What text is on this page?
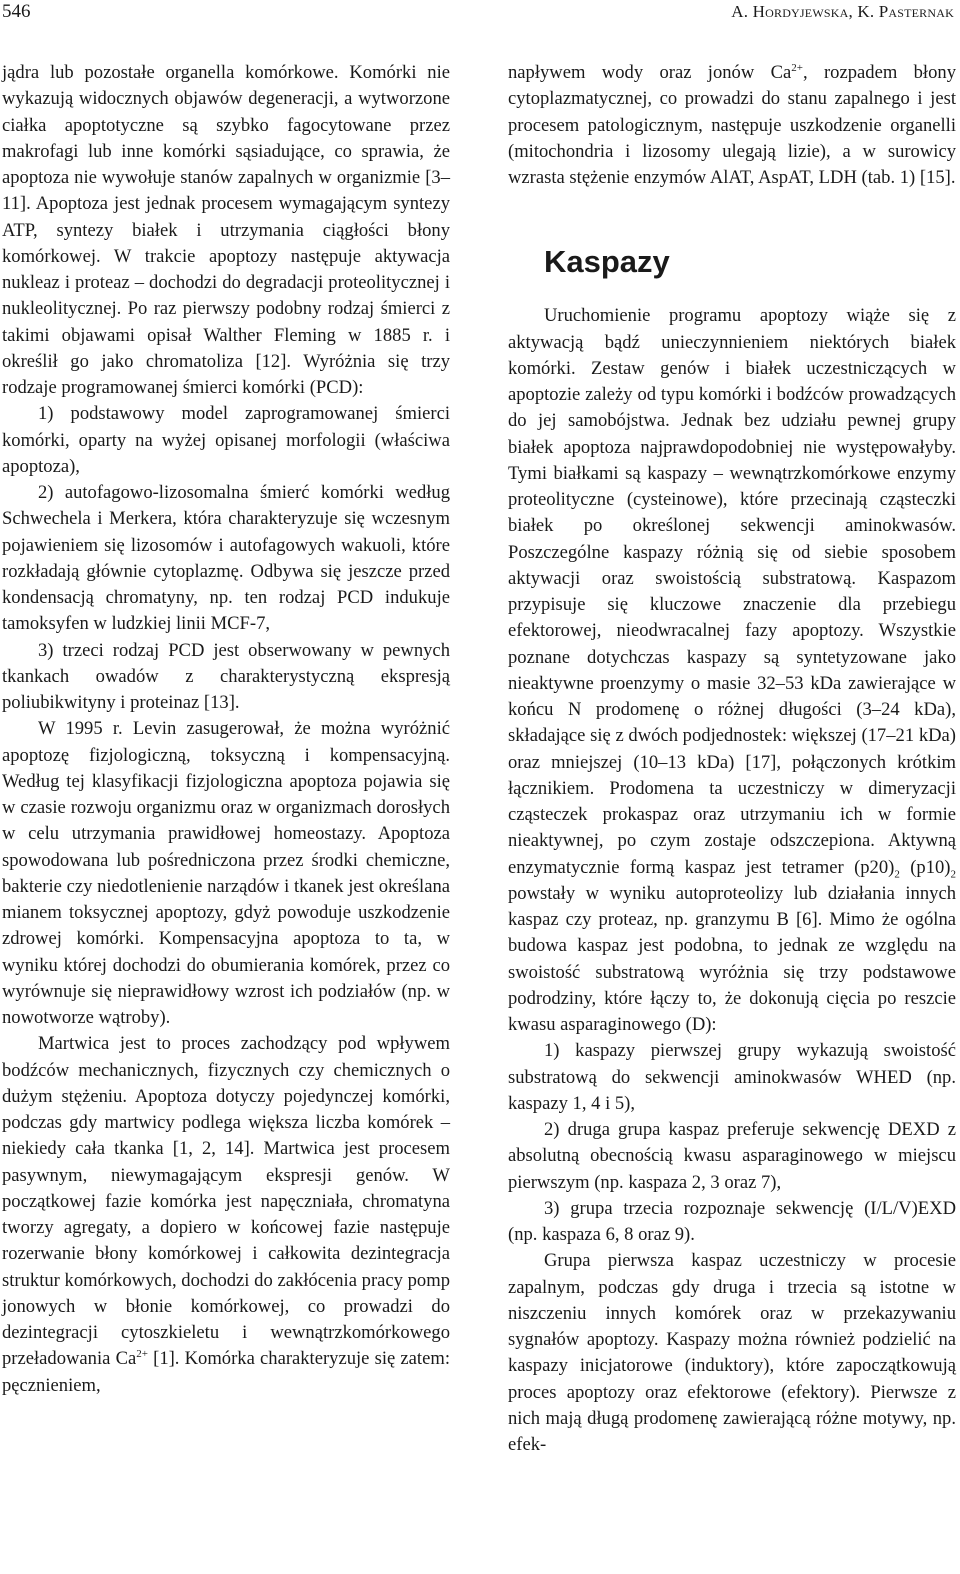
546	A. Hordyjewska, K. Pasternak

jądra lub pozostałe organella komórkowe. Komórki nie wykazują widocznych objawów degeneracji, a wytworzone ciałka apoptotyczne są szybko fagocytowane przez makrofagi lub inne komórki sąsiadujące, co sprawia, że apoptoza nie wywołuje stanów zapalnych w organizmie [3–11]. Apoptoza jest jednak procesem wymagającym syntezy ATP, syntezy białek i utrzymania ciągłości błony komórkowej. W trakcie apoptozy następuje aktywacja nukleaz i proteaz – dochodzi do degradacji proteolitycznej i nukleolitycznej. Po raz pierwszy podobny rodzaj śmierci z takimi objawami opisał Walther Fleming w 1885 r. i określił go jako chromatoliza [12]. Wyróżnia się trzy rodzaje programowanej śmierci komórki (PCD):

1) podstawowy model zaprogramowanej śmierci komórki, oparty na wyżej opisanej morfologii (właściwa apoptoza),

2) autofagowo-lizosomalna śmierć komórki według Schwechela i Merkera, która charakteryzuje się wczesnym pojawieniem się lizosomów i autofagowych wakuoli, które rozkładają głównie cytoplazmę. Odbywa się jeszcze przed kondensacją chromatyny, np. ten rodzaj PCD indukuje tamoksyfen w ludzkiej linii MCF-7,

3) trzeci rodzaj PCD jest obserwowany w pewnych tkankach owadów z charakterystyczną ekspresją poliubikwityny i proteinaz [13].

W 1995 r. Levin zasugerował, że można wyróżnić apoptozę fizjologiczną, toksyczną i kompensacyjną. Według tej klasyfikacji fizjologiczna apoptoza pojawia się w czasie rozwoju organizmu oraz w organizmach dorosłych w celu utrzymania prawidłowej homeostazy. Apoptoza spowodowana lub pośredniczona przez środki chemiczne, bakterie czy niedotlenienie narządów i tkanek jest określana mianem toksycznej apoptozy, gdyż powoduje uszkodzenie zdrowej komórki. Kompensacyjna apoptoza to ta, w wyniku której dochodzi do obumierania komórek, przez co wyrównuje się nieprawidłowy wzrost ich podziałów (np. w nowotworze wątroby).

Martwica jest to proces zachodzący pod wpływem bodźców mechanicznych, fizycznych czy chemicznych o dużym stężeniu. Apoptoza dotyczy pojedynczej komórki, podczas gdy martwicy podlega większa liczba komórek – niekiedy cała tkanka [1, 2, 14]. Martwica jest procesem pasywnym, niewymagającym ekspresji genów. W początkowej fazie komórka jest napęczniała, chromatyna tworzy agregaty, a dopiero w końcowej fazie następuje rozerwanie błony komórkowej i całkowita dezintegracja struktur komórkowych, dochodzi do zakłócenia pracy pomp jonowych w błonie komórkowej, co prowadzi do dezintegracji cytoszkieletu i wewnątrzkomórkowego przeładowania $Ca^{2+}$ [1]. Komórka charakteryzuje się zatem: pęcznieniem,

napływem wody oraz jonów $Ca^{2+}$, rozpadem błony cytoplazmatycznej, co prowadzi do stanu zapalnego i jest procesem patologicznym, następuje uszkodzenie organelli (mitochondria i lizosomy ulegają lizie), a w surowicy wzrasta stężenie enzymów AlAT, AspAT, LDH (tab. 1) [15].

Kaspazy

Uruchomienie programu apoptozy wiąże się z aktywacją bądź unieczynnieniem niektórych białek komórki. Zestaw genów i białek uczestniczących w apoptozie zależy od typu komórki i bodźców prowadzących do jej samobójstwa. Jednak bez udziału pewnej grupy białek apoptoza najprawdopodobniej nie występowałyby. Tymi białkami są kaspazy – wewnątrzkomórkowe enzymy proteolityczne (cysteinowe), które przecinają cząsteczki białek po określonej sekwencji aminokwasów. Poszczególne kaspazy różnią się od siebie sposobem aktywacji oraz swoistością substratową. Kaspazom przypisuje się kluczowe znaczenie dla przebiegu efektorowej, nieodwracalnej fazy apoptozy. Wszystkie poznane dotychczas kaspazy są syntetyzowane jako nieaktywne proenzymy o masie 32–53 kDa zawierające w końcu N prodomenę o różnej długości (3–24 kDa), składające się z dwóch podjednostek: większej (17–21 kDa) oraz mniejszej (10–13 kDa) [17], połączonych krótkim łącznikiem. Prodomena ta uczestniczy w dimeryzacji cząsteczek prokaspaz oraz utrzymaniu ich w formie nieaktywnej, po czym zostaje odszczepiona. Aktywną enzymatycznie formą kaspaz jest tetramer $(p20)_2$ $(p10)_2$ powstały w wyniku autoproteolizy lub działania innych kaspaz czy proteaz, np. granzymu B [6]. Mimo że ogólna budowa kaspaz jest podobna, to jednak ze względu na swoistość substratową wyróżnia się trzy podstawowe podrodziny, które łączy to, że dokonują cięcia po reszcie kwasu asparaginowego (D):

1) kaspazy pierwszej grupy wykazują swoistość substratową do sekwencji aminokwasów WHED (np. kaspazy 1, 4 i 5),

2) druga grupa kaspaz preferuje sekwencję DEXD z absolutną obecnością kwasu asparaginowego w miejscu pierwszym (np. kaspaza 2, 3 oraz 7),

3) grupa trzecia rozpoznaje sekwencję (I/L/V)EXD (np. kaspaza 6, 8 oraz 9).

Grupa pierwsza kaspaz uczestniczy w procesie zapalnym, podczas gdy druga i trzecia są istotne w niszczeniu innych komórek oraz w przekazywaniu sygnałów apoptozy. Kaspazy można również podzielić na kaspazy inicjatorowe (induktory), które zapoczątkowują proces apoptozy oraz efektorowe (efektory). Pierwsze z nich mają długą prodomenę zawierającą różne motywy, np. efek-
